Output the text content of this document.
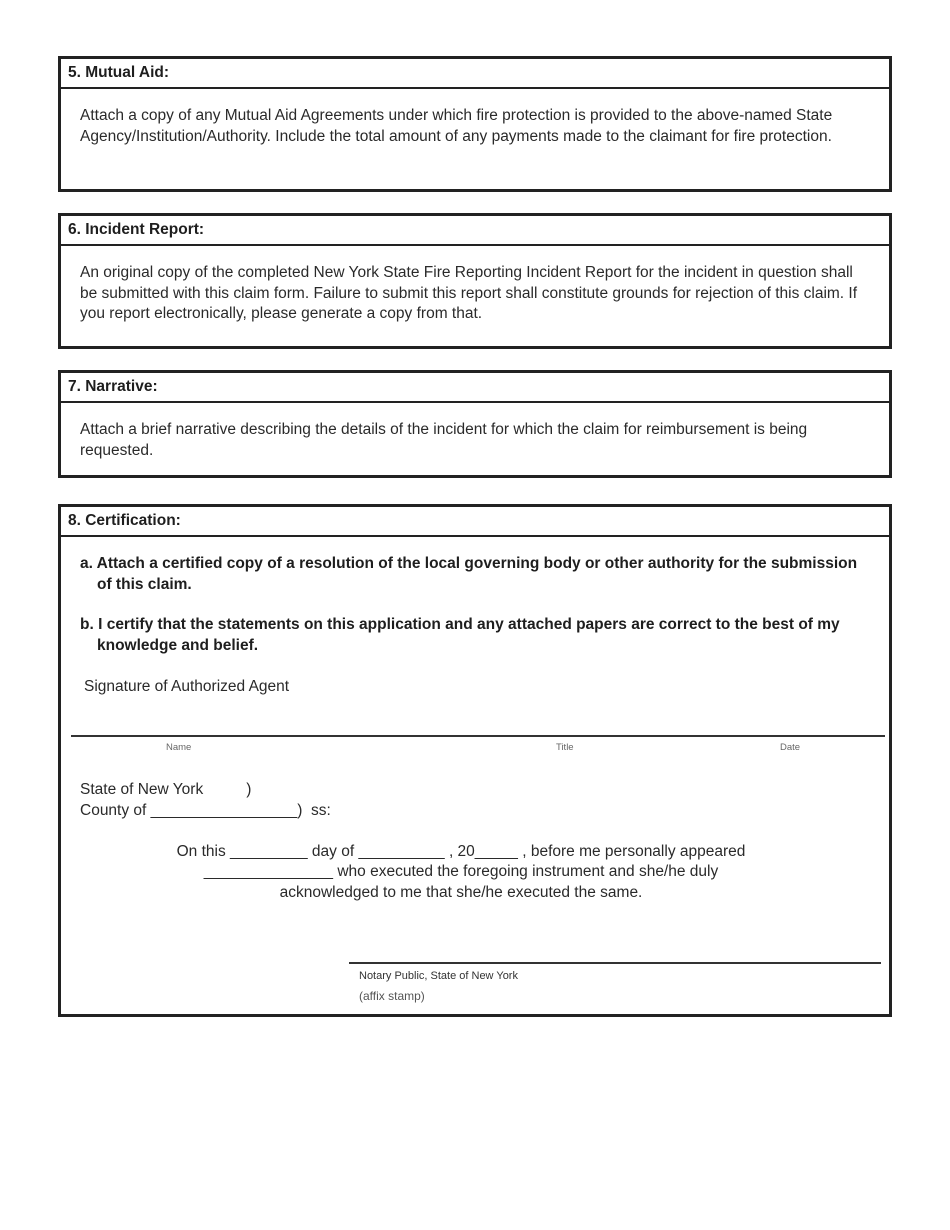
5. Mutual Aid:
Attach a copy of any Mutual Aid Agreements under which fire protection is provided to the above-named State Agency/Institution/Authority. Include the total amount of any payments made to the claimant for fire protection.
6. Incident Report:
An original copy of the completed New York State Fire Reporting Incident Report for the incident in question shall be submitted with this claim form. Failure to submit this report shall constitute grounds for rejection of this claim. If you report electronically, please generate a copy from that.
7. Narrative:
Attach a brief narrative describing the details of the incident for which the claim for reimbursement is being requested.
8. Certification:
a. Attach a certified copy of a resolution of the local governing body or other authority for the submission of this claim.
b. I certify that the statements on this application and any attached papers are correct to the best of my knowledge and belief.
Signature of Authorized Agent
Name	Title	Date
State of New York          )
County of _________________)  ss:
On this _________ day of __________ , 20_____ , before me personally appeared
_______________ who executed the foregoing instrument and she/he duly
acknowledged to me that she/he executed the same.
Notary Public, State of New York
(affix stamp)
